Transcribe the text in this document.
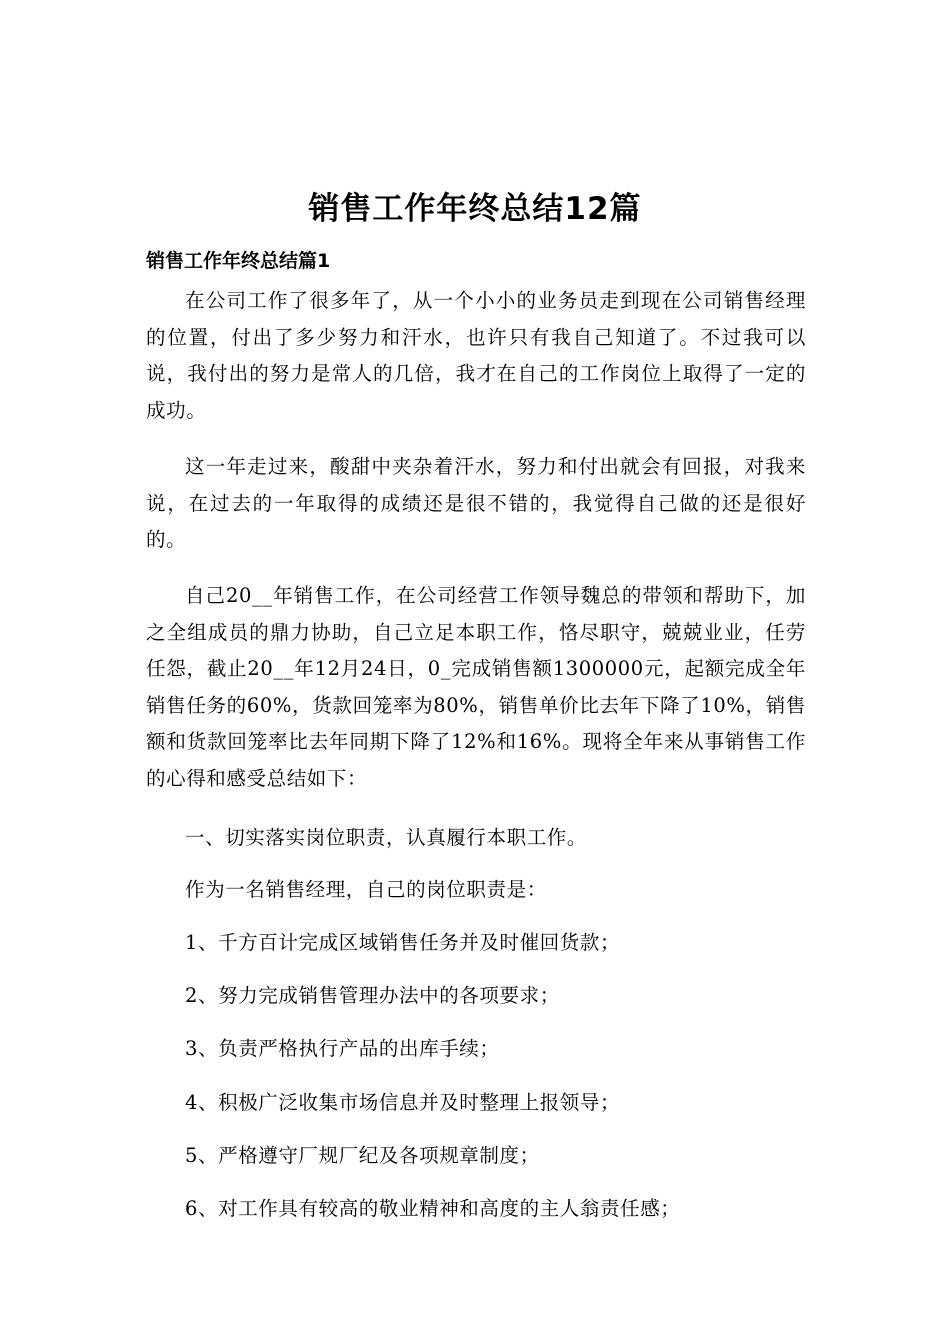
销售工作年终总结12篇
销售工作年终总结篇1

在公司工作了很多年了，从一个小小的业务员走到现在公司销售经理的位置，付出了多少努力和汗水，也许只有我自己知道了。不过我可以说，我付出的努力是常人的几倍，我才在自己的工作岗位上取得了一定的成功。

这一年走过来，酸甜中夹杂着汗水，努力和付出就会有回报，对我来说，在过去的一年取得的成绩还是很不错的，我觉得自己做的还是很好的。

自己20__年销售工作，在公司经营工作领导魏总的带领和帮助下，加之全组成员的鼎力协助，自己立足本职工作，恪尽职守，兢兢业业，任劳任怨，截止20__年12月24日，0_完成销售额1300000元，起额完成全年销售任务的60%，货款回笼率为80%，销售单价比去年下降了10%，销售额和货款回笼率比去年同期下降了12%和16%。现将全年来从事销售工作的心得和感受总结如下：

一、切实落实岗位职责，认真履行本职工作。

作为一名销售经理，自己的岗位职责是：

1、千方百计完成区域销售任务并及时催回货款；

2、努力完成销售管理办法中的各项要求；

3、负责严格执行产品的出库手续；

4、积极广泛收集市场信息并及时整理上报领导；

5、严格遵守厂规厂纪及各项规章制度；

6、对工作具有较高的敬业精神和高度的主人翁责任感；
